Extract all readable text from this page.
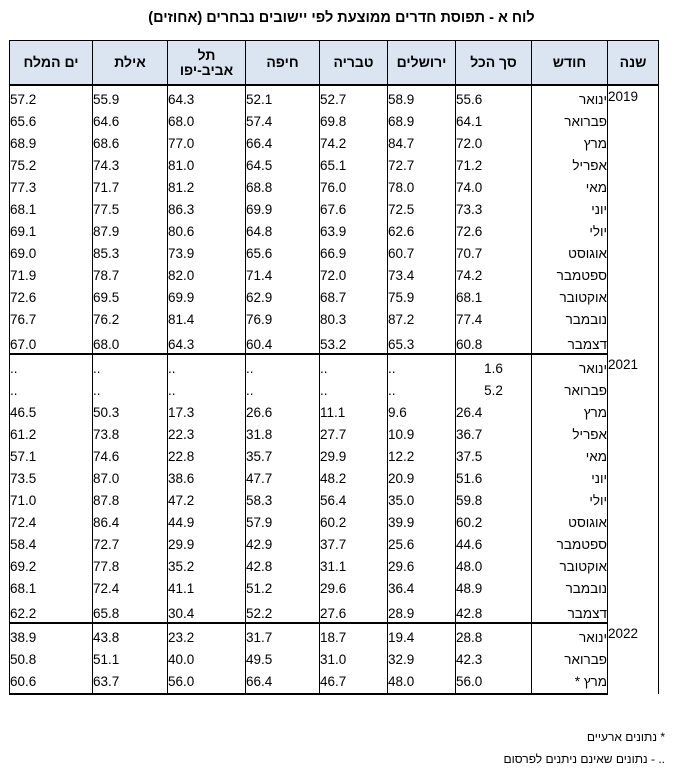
לוח א - תפוסת חדרים ממוצעת לפי יישובים נבחרים (אחוזים)
שנה	חודש	סך הכל	ירושלים	טבריה	חיפה	תל
אביב-יפו	אילת	ים המלח
2019	ינואר	55.6	58.9	52.7	52.1	64.3	55.9	57.2
	פברואר	64.1	68.9	69.8	57.4	68.0	64.6	65.6
	מרץ	72.0	84.7	74.2	66.4	77.0	68.6	68.9
	אפריל	71.2	72.7	65.1	64.5	81.0	74.3	75.2
	מאי	74.0	78.0	76.0	68.8	81.2	71.7	77.3
	יוני	73.3	72.5	67.6	69.9	86.3	77.5	68.1
	יולי	72.6	62.6	63.9	64.8	80.6	87.9	69.1
	אוגוסט	70.7	60.7	66.9	65.6	73.9	85.3	69.0
	ספטמבר	74.2	73.4	72.0	71.4	82.0	78.7	71.9
	אוקטובר	68.1	75.9	68.7	62.9	69.9	69.5	72.6
	נובמבר	77.4	87.2	80.3	76.9	81.4	76.2	76.7
	דצמבר	60.8	65.3	53.2	60.4	64.3	68.0	67.0
2021	ינואר	1.6	..	..	..	..	..	..
	פברואר	5.2	..	..	..	..	..	..
	מרץ	26.4	9.6	11.1	26.6	17.3	50.3	46.5
	אפריל	36.7	10.9	27.7	31.8	22.3	73.8	61.2
	מאי	37.5	12.2	29.9	35.7	22.8	74.6	57.1
	יוני	51.6	20.9	48.2	47.7	38.6	87.0	73.5
	יולי	59.8	35.0	56.4	58.3	47.2	87.8	71.0
	אוגוסט	60.2	39.9	60.2	57.9	44.9	86.4	72.4
	ספטמבר	44.6	25.6	37.7	42.9	29.9	72.7	58.4
	אוקטובר	48.0	29.6	31.1	42.8	35.2	77.8	69.2
	נובמבר	48.9	36.4	29.6	51.2	41.1	72.4	68.1
	דצמבר	42.8	28.9	27.6	52.2	30.4	65.8	62.2
2022	ינואר	28.8	19.4	18.7	31.7	23.2	43.8	38.9
	פברואר	42.3	32.9	31.0	49.5	40.0	51.1	50.8
	מרץ *	56.0	48.0	46.7	66.4	56.0	63.7	60.6
* נתונים ארעיים
.. - נתונים שאינם ניתנים לפרסום
